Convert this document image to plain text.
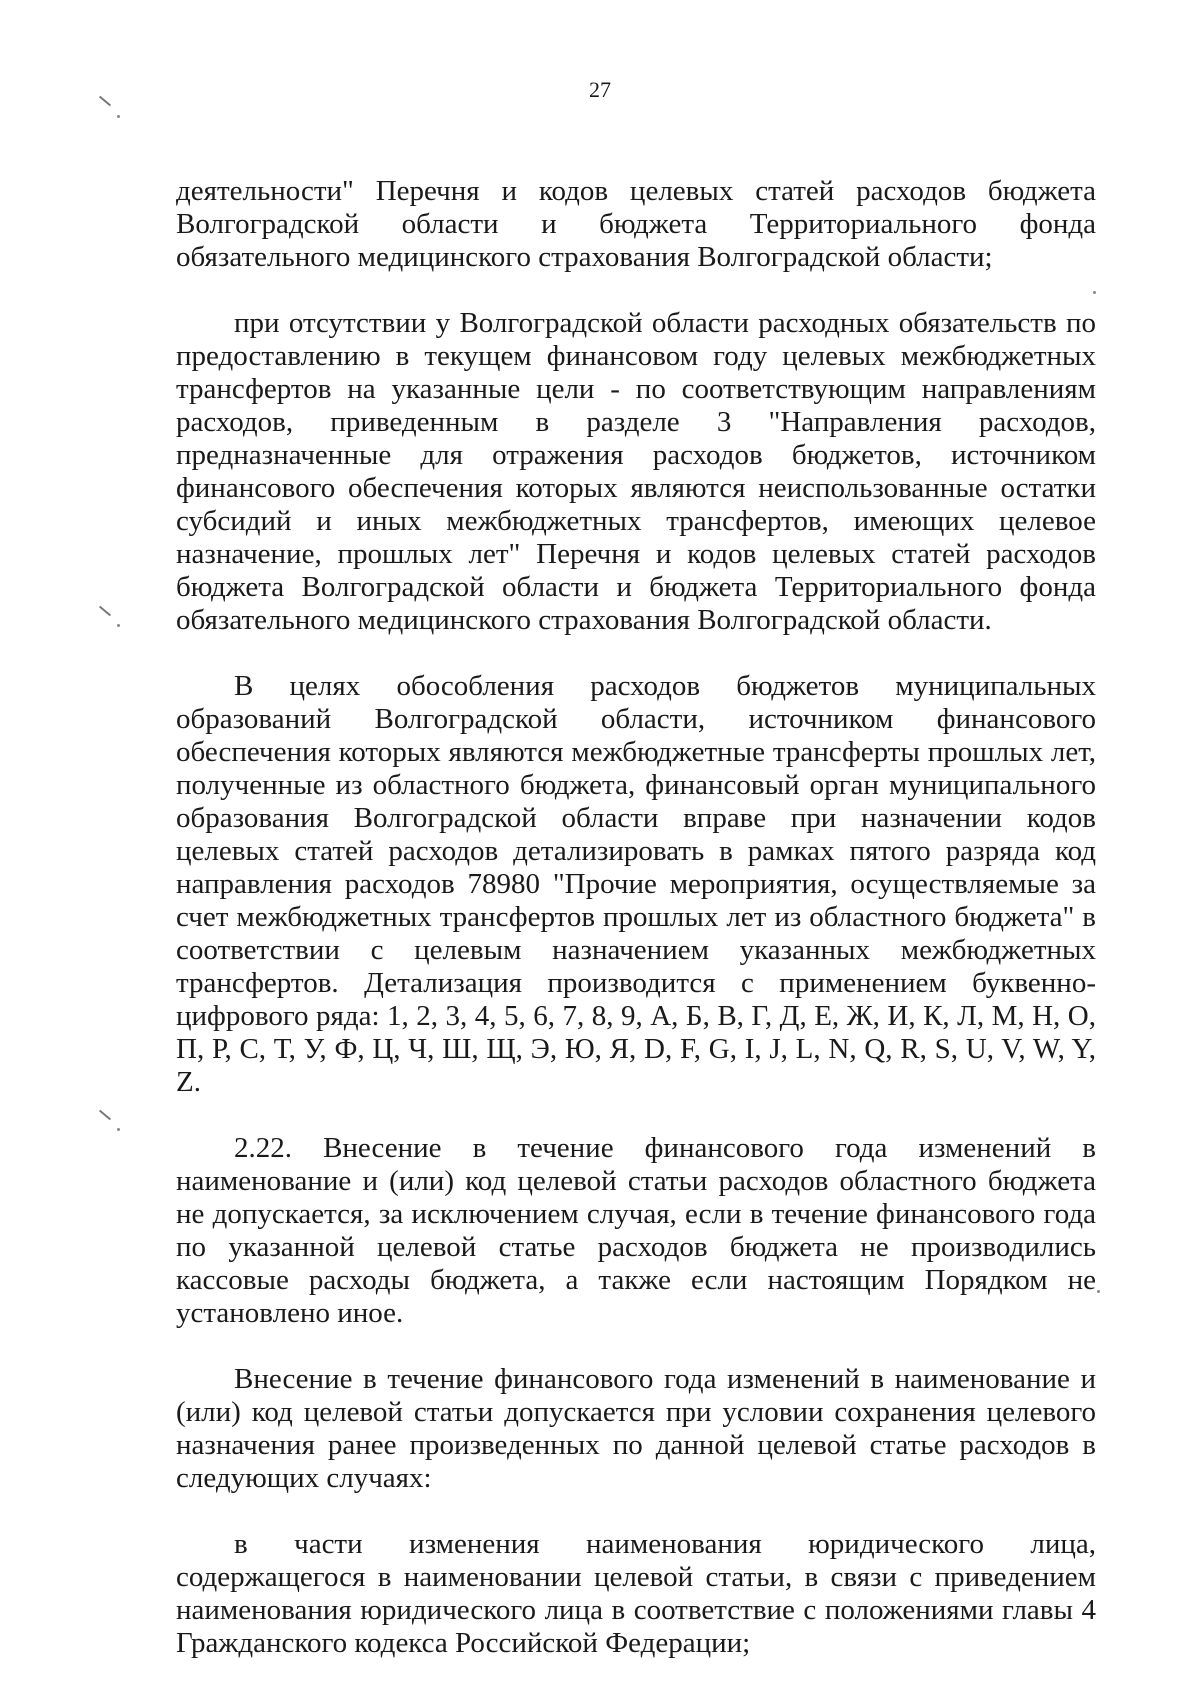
27

деятельности" Перечня и кодов целевых статей расходов бюджета Волгоградской области и бюджета Территориального фонда обязательного медицинского страхования Волгоградской области;

при отсутствии у Волгоградской области расходных обязательств по предоставлению в текущем финансовом году целевых межбюджетных трансфертов на указанные цели - по соответствующим направлениям расходов, приведенным в разделе 3 "Направления расходов, предназначенные для отражения расходов бюджетов, источником финансового обеспечения которых являются неиспользованные остатки субсидий и иных межбюджетных трансфертов, имеющих целевое назначение, прошлых лет" Перечня и кодов целевых статей расходов бюджета Волгоградской области и бюджета Территориального фонда обязательного медицинского страхования Волгоградской области.

В целях обособления расходов бюджетов муниципальных образований Волгоградской области, источником финансового обеспечения которых являются межбюджетные трансферты прошлых лет, полученные из областного бюджета, финансовый орган муниципального образования Волгоградской области вправе при назначении кодов целевых статей расходов детализировать в рамках пятого разряда код направления расходов 78980 "Прочие мероприятия, осуществляемые за счет межбюджетных трансфертов прошлых лет из областного бюджета" в соответствии с целевым назначением указанных межбюджетных трансфертов. Детализация производится с применением буквенно-цифрового ряда: 1, 2, 3, 4, 5, 6, 7, 8, 9, А, Б, В, Г, Д, Е, Ж, И, К, Л, М, Н, О, П, Р, С, Т, У, Ф, Ц, Ч, Ш, Щ, Э, Ю, Я, D, F, G, I, J, L, N, Q, R, S, U, V, W, Y, Z.

2.22. Внесение в течение финансового года изменений в наименование и (или) код целевой статьи расходов областного бюджета не допускается, за исключением случая, если в течение финансового года по указанной целевой статье расходов бюджета не производились кассовые расходы бюджета, а также если настоящим Порядком не установлено иное.

Внесение в течение финансового года изменений в наименование и (или) код целевой статьи допускается при условии сохранения целевого назначения ранее произведенных по данной целевой статье расходов в следующих случаях:

в части изменения наименования юридического лица, содержащегося в наименовании целевой статьи, в связи с приведением наименования юридического лица в соответствие с положениями главы 4 Гражданского кодекса Российской Федерации;
